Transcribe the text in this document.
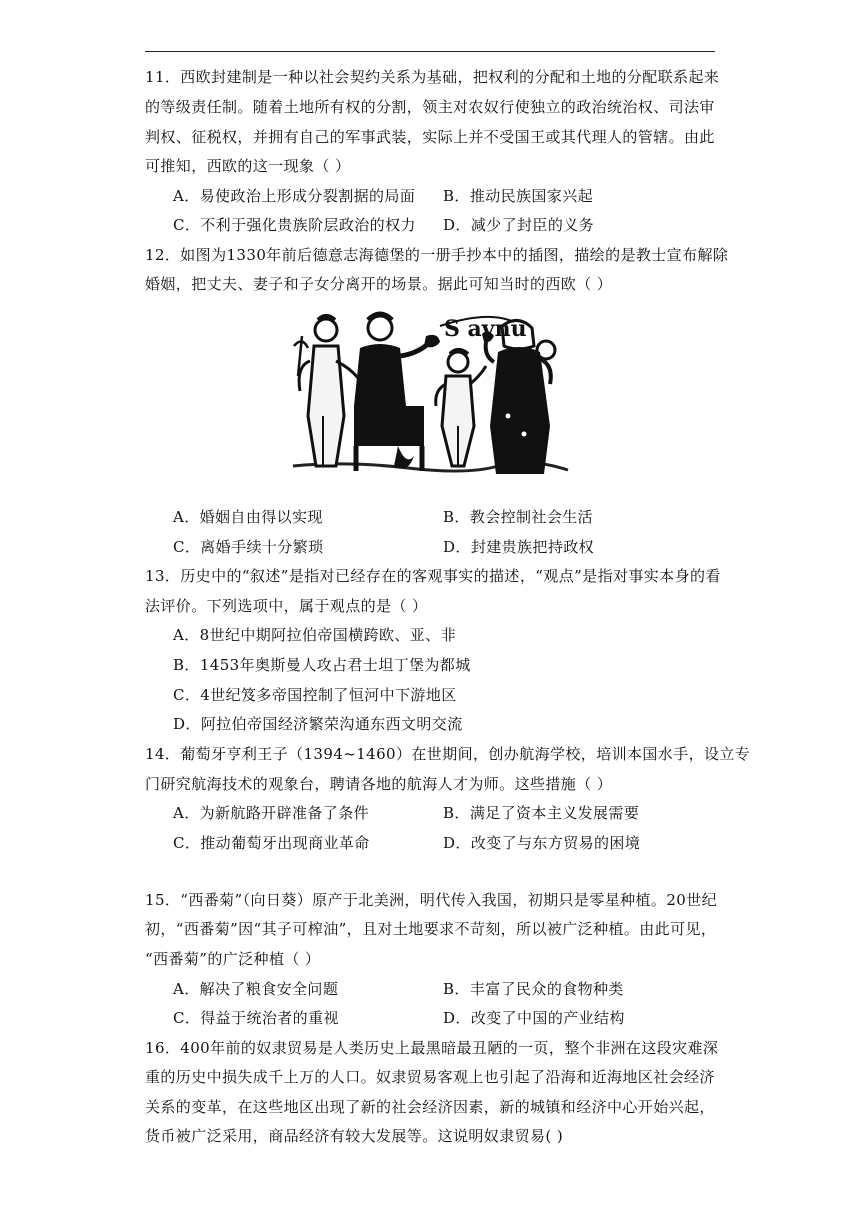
11．西欧封建制是一种以社会契约关系为基础，把权利的分配和土地的分配联系起来
的等级责任制。随着土地所有权的分割，领主对农奴行使独立的政治统治权、司法审
判权、征税权，并拥有自己的军事武装，实际上并不受国王或其代理人的管辖。由此
可推知，西欧的这一现象（ ）
A．易使政治上形成分裂割据的局面 B．推动民族国家兴起
C．不利于强化贵族阶层政治的权力 D．减少了封臣的义务
12．如图为1330年前后德意志海德堡的一册手抄本中的插图，描绘的是教士宣布解除
婚姻，把丈夫、妻子和子女分离开的场景。据此可知当时的西欧（ ）
S avnu
A．婚姻自由得以实现	B．教会控制社会生活
C．离婚手续十分繁琐	D．封建贵族把持政权
13．历史中的“叙述”是指对已经存在的客观事实的描述，“观点”是指对事实本身的看
法评价。下列选项中，属于观点的是（ ）
A．8世纪中期阿拉伯帝国横跨欧、亚、非
B．1453年奥斯曼人攻占君士坦丁堡为都城
C．4世纪笈多帝国控制了恒河中下游地区
D．阿拉伯帝国经济繁荣沟通东西文明交流
14．葡萄牙亨利王子（1394~1460）在世期间，创办航海学校，培训本国水手，设立专
门研究航海技术的观象台，聘请各地的航海人才为师。这些措施（ ）
A．为新航路开辟准备了条件	B．满足了资本主义发展需要
C．推动葡萄牙出现商业革命	D．改变了与东方贸易的困境
15．“西番菊”（向日葵）原产于北美洲，明代传入我国，初期只是零星种植。20世纪
初，“西番菊”因“其子可榨油”，且对土地要求不苛刻，所以被广泛种植。由此可见，
“西番菊”的广泛种植（ ）
A．解决了粮食安全问题	B．丰富了民众的食物种类
C．得益于统治者的重视	D．改变了中国的产业结构
16．400年前的奴隶贸易是人类历史上最黑暗最丑陋的一页，整个非洲在这段灾难深
重的历史中损失成千上万的人口。奴隶贸易客观上也引起了沿海和近海地区社会经济
关系的变革，在这些地区出现了新的社会经济因素，新的城镇和经济中心开始兴起，
货币被广泛采用，商品经济有较大发展等。这说明奴隶贸易( )
